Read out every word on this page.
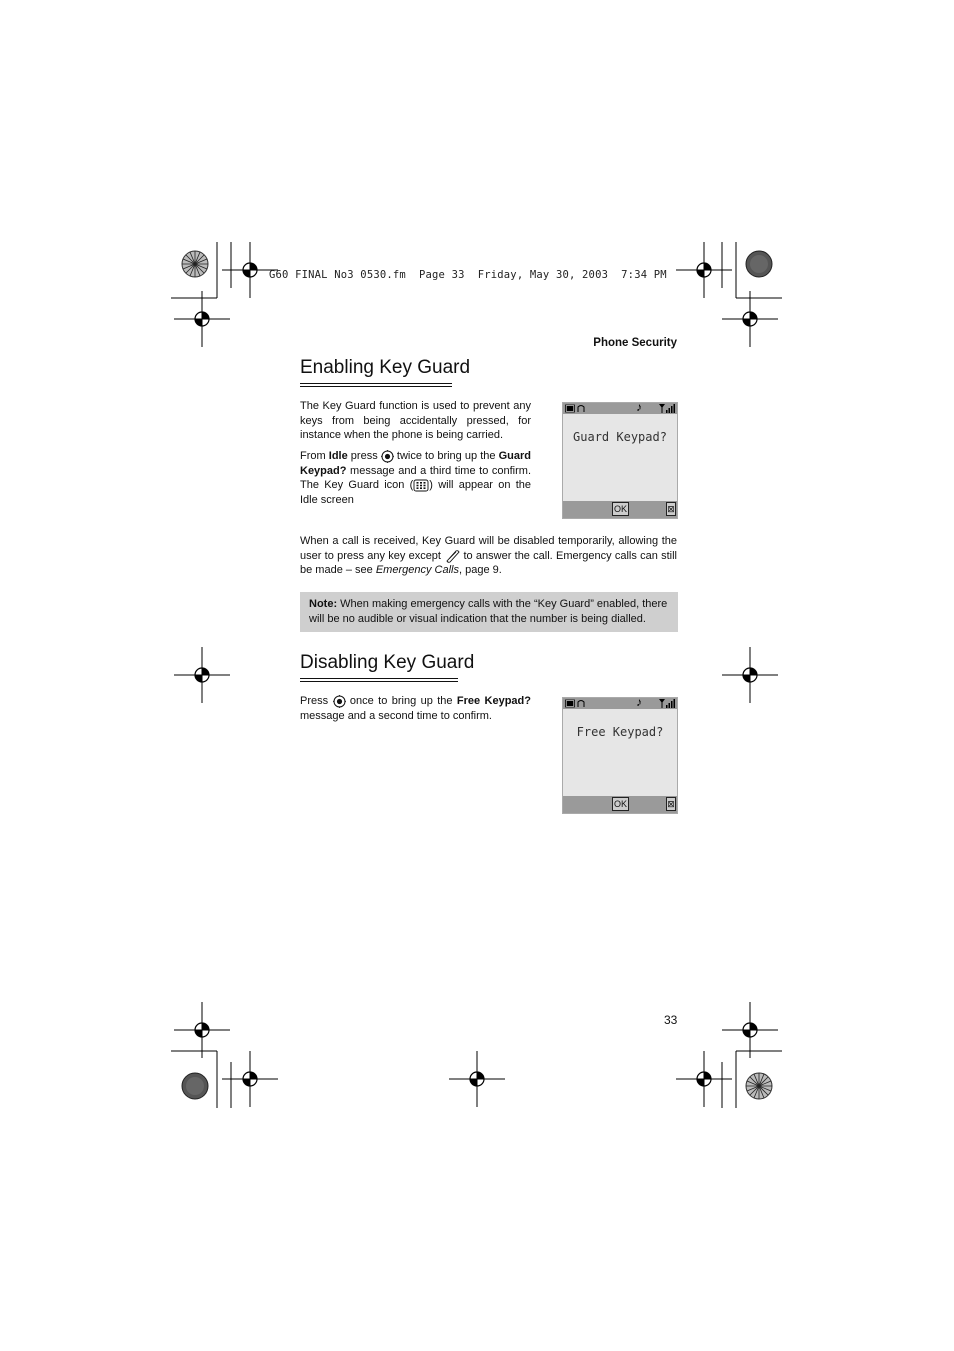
G60 FINAL No3 0530.fm  Page 33  Friday, May 30, 2003  7:34 PM
Phone Security
Enabling Key Guard
The Key Guard function is used to prevent any keys from being accidentally pressed, for instance when the phone is being carried.
From Idle press  twice to bring up the Guard Keypad? message and a third time to confirm. The Key Guard icon ( ) will appear on the Idle screen
♪
Guard Keypad?
OK	⊠
When a call is received, Key Guard will be disabled temporarily, allowing the user to press any key except  to answer the call. Emergency calls can still be made – see Emergency Calls, page 9.
Note: When making emergency calls with the “Key Guard” enabled, there will be no audible or visual indication that the number is being dialled.
Disabling Key Guard
Press  once to bring up the Free Keypad? message and a second time to confirm.
♪
Free Keypad?
OK	⊠
33
